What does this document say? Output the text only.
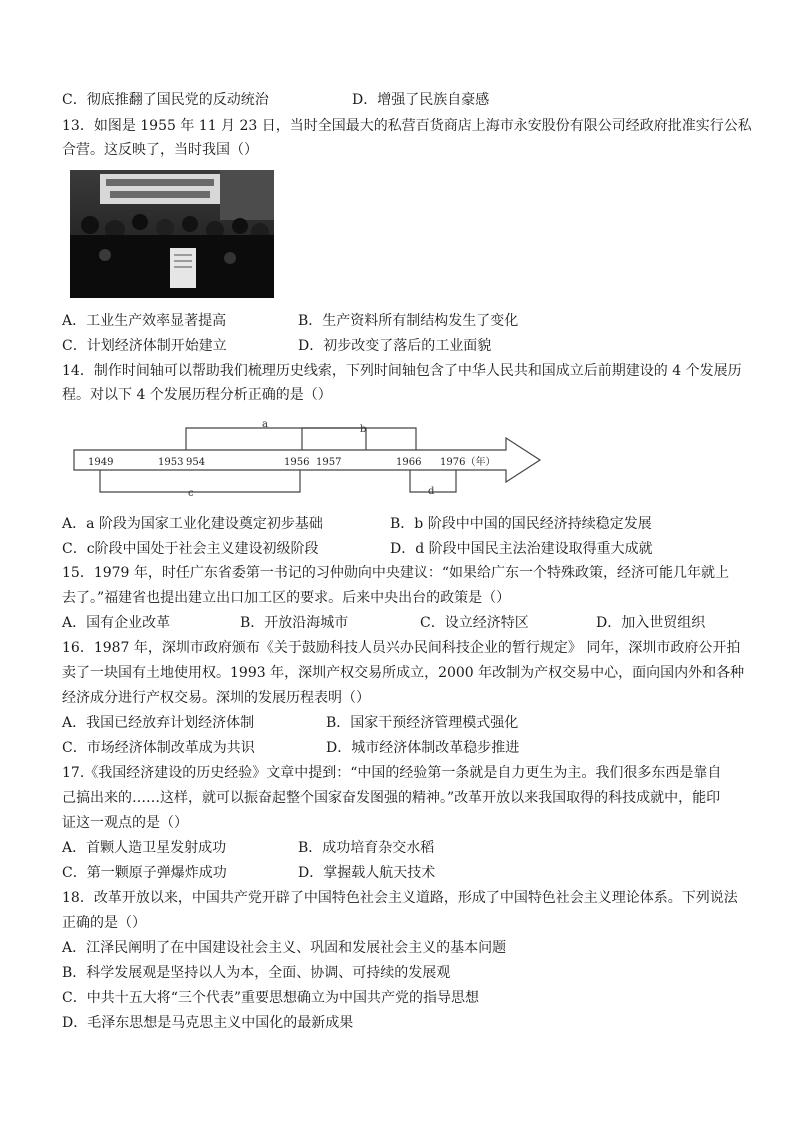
C．彻底推翻了国民党的反动统治	D．增强了民族自豪感
13．如图是 1955 年 11 月 23 日，当时全国最大的私营百货商店上海市永安股份有限公司经政府批准实行公私
合营。这反映了，当时我国（）
A．工业生产效率显著提高	B．生产资料所有制结构发生了变化
C．计划经济体制开始建立	D．初步改变了落后的工业面貌
14．制作时间轴可以帮助我们梳理历史线索，下列时间轴包含了中华人民共和国成立后前期建设的 4 个发展历
程。对以下 4 个发展历程分析正确的是（）
a	b
c	d
1949	1953 954	1956 1957	1966 1976（年）
A．a 阶段为国家工业化建设奠定初步基础	B．b 阶段中中国的国民经济持续稳定发展
C．c阶段中国处于社会主义建设初级阶段	D．d 阶段中国民主法治建设取得重大成就
15．1979 年，时任广东省委第一书记的习仲勋向中央建议：“如果给广东一个特殊政策，经济可能几年就上
去了。”福建省也提出建立出口加工区的要求。后来中央出台的政策是（）
A．国有企业改革	B．开放沿海城市	C．设立经济特区	D．加入世贸组织
16．1987 年，深圳市政府颁布《关于鼓励科技人员兴办民间科技企业的暂行规定》 同年，深圳市政府公开拍
卖了一块国有土地使用权。1993 年，深圳产权交易所成立，2000 年改制为产权交易中心，面向国内外和各种
经济成分进行产权交易。深圳的发展历程表明（）
A．我国已经放弃计划经济体制	B．国家干预经济管理模式强化
C．市场经济体制改革成为共识	D．城市经济体制改革稳步推进
17.《我国经济建设的历史经验》文章中提到：“中国的经验第一条就是自力更生为主。我们很多东西是靠自
己搞出来的……这样，就可以振奋起整个国家奋发图强的精神。”改革开放以来我国取得的科技成就中，能印
证这一观点的是（）
A．首颗人造卫星发射成功	B．成功培育杂交水稻
C．第一颗原子弹爆炸成功	D．掌握载人航天技术
18．改革开放以来，中国共产党开辟了中国特色社会主义道路，形成了中国特色社会主义理论体系。下列说法
正确的是（）
A．江泽民阐明了在中国建设社会主义、巩固和发展社会主义的基本问题
B．科学发展观是坚持以人为本，全面、协调、可持续的发展观
C．中共十五大将“三个代表”重要思想确立为中国共产党的指导思想
D．毛泽东思想是马克思主义中国化的最新成果
